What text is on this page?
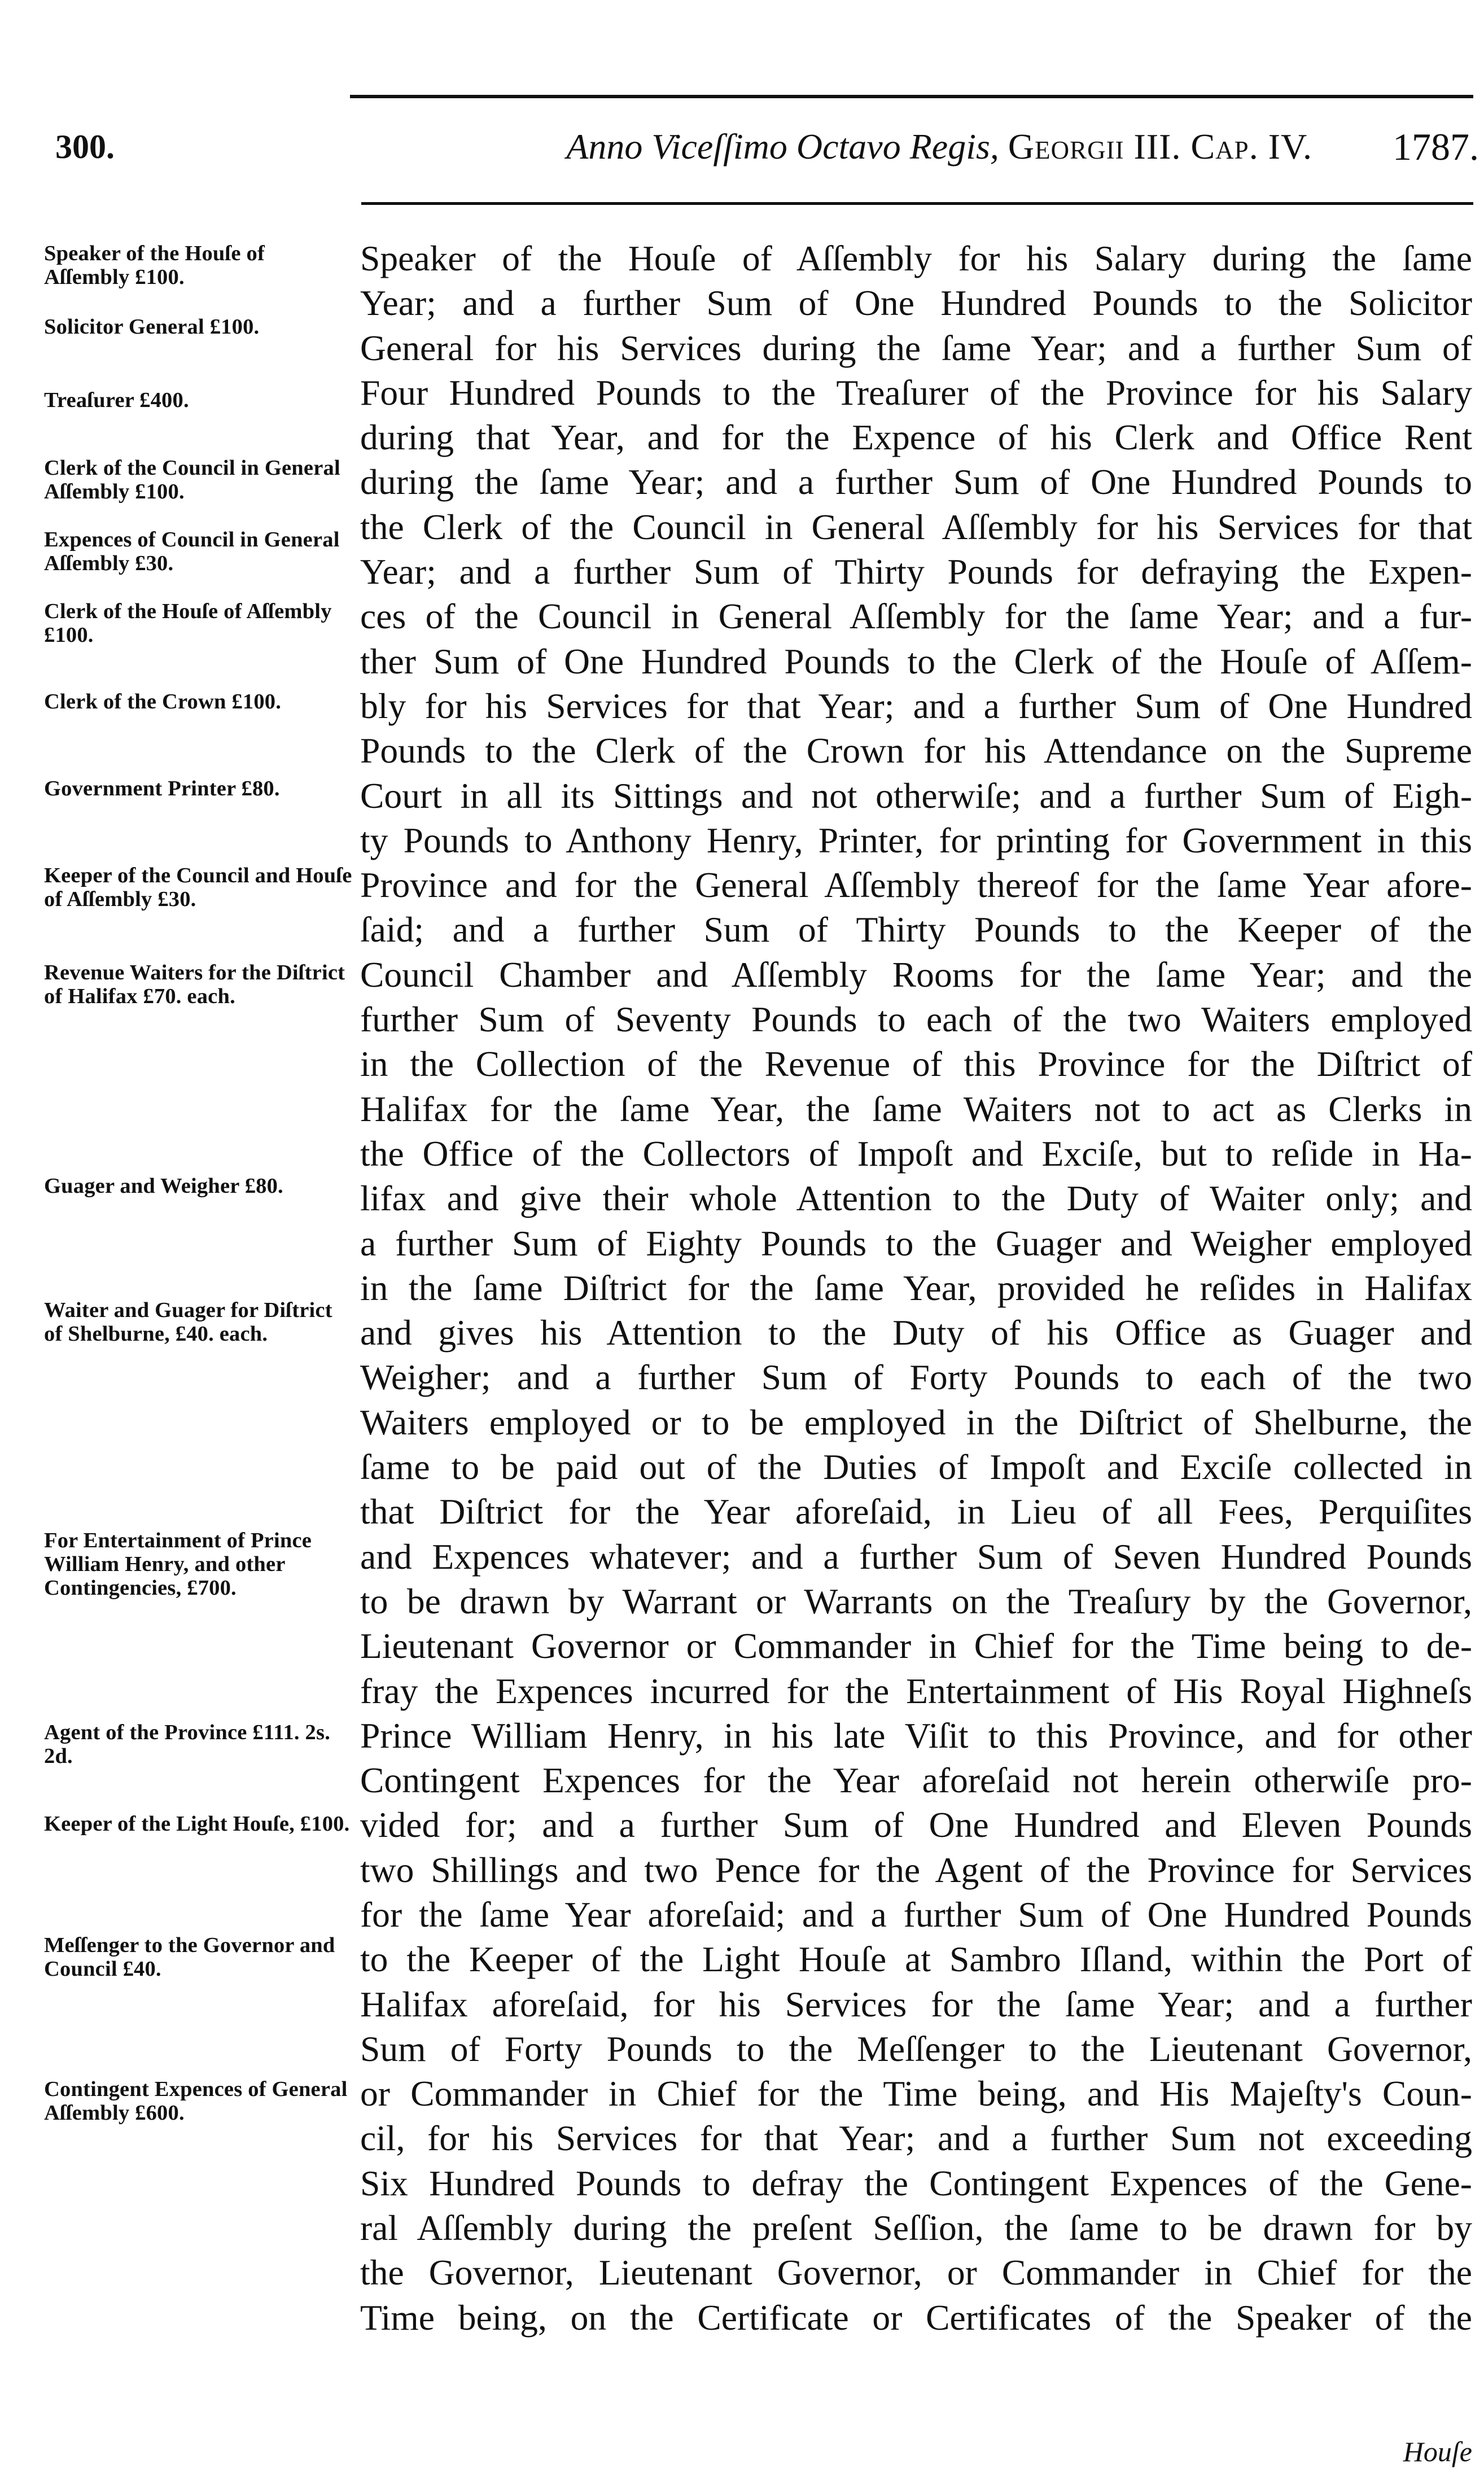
300.	Anno Viceſſimo Octavo Regis, Georgii III. Cap. IV.	1787.
Speaker of the Houſe of Aſſembly £100.
Solicitor General £100.
Treaſurer £400.
Clerk of the Council in General Aſſembly £100.
Expences of Council in General Aſſembly £30.
Clerk of the Houſe of Aſſembly £100.
Clerk of the Crown £100.
Government Printer £80.
Keeper of the Council and Houſe of Aſſembly £30.
Revenue Waiters for the Diſtrict of Halifax £70. each.
Guager and Weigher £80.
Waiter and Guager for Diſtrict of Shelburne, £40. each.
For Entertainment of Prince William Henry, and other Contingencies, £700.
Agent of the Province £111. 2s. 2d.
Keeper of the Light Houſe, £100.
Meſſenger to the Governor and Council £40.
Contingent Expences of General Aſſembly £600.
Speaker of the Houſe of Aſſembly for his Salary during the ſame
Year; and a further Sum of One Hundred Pounds to the Solicitor
General for his Services during the ſame Year; and a further Sum of
Four Hundred Pounds to the Treaſurer of the Province for his Salary
during that Year, and for the Expence of his Clerk and Office Rent
during the ſame Year; and a further Sum of One Hundred Pounds to
the Clerk of the Council in General Aſſembly for his Services for that
Year; and a further Sum of Thirty Pounds for defraying the Expen-
ces of the Council in General Aſſembly for the ſame Year; and a fur-
ther Sum of One Hundred Pounds to the Clerk of the Houſe of Aſſem-
bly for his Services for that Year; and a further Sum of One Hundred
Pounds to the Clerk of the Crown for his Attendance on the Supreme
Court in all its Sittings and not otherwiſe; and a further Sum of Eigh-
ty Pounds to Anthony Henry, Printer, for printing for Government in this
Province and for the General Aſſembly thereof for the ſame Year afore-
ſaid; and a further Sum of Thirty Pounds to the Keeper of the
Council Chamber and Aſſembly Rooms for the ſame Year; and the
further Sum of Seventy Pounds to each of the two Waiters employed
in the Collection of the Revenue of this Province for the Diſtrict of
Halifax for the ſame Year, the ſame Waiters not to act as Clerks in
the Office of the Collectors of Impoſt and Exciſe, but to reſide in Ha-
lifax and give their whole Attention to the Duty of Waiter only; and
a further Sum of Eighty Pounds to the Guager and Weigher employed
in the ſame Diſtrict for the ſame Year, provided he reſides in Halifax
and gives his Attention to the Duty of his Office as Guager and
Weigher; and a further Sum of Forty Pounds to each of the two
Waiters employed or to be employed in the Diſtrict of Shelburne, the
ſame to be paid out of the Duties of Impoſt and Exciſe collected in
that Diſtrict for the Year aforeſaid, in Lieu of all Fees, Perquiſites
and Expences whatever; and a further Sum of Seven Hundred Pounds
to be drawn by Warrant or Warrants on the Treaſury by the Governor,
Lieutenant Governor or Commander in Chief for the Time being to de-
fray the Expences incurred for the Entertainment of His Royal Highneſs
Prince William Henry, in his late Viſit to this Province, and for other
Contingent Expences for the Year aforeſaid not herein otherwiſe pro-
vided for; and a further Sum of One Hundred and Eleven Pounds
two Shillings and two Pence for the Agent of the Province for Services
for the ſame Year aforeſaid; and a further Sum of One Hundred Pounds
to the Keeper of the Light Houſe at Sambro Iſland, within the Port of
Halifax aforeſaid, for his Services for the ſame Year; and a further
Sum of Forty Pounds to the Meſſenger to the Lieutenant Governor,
or Commander in Chief for the Time being, and His Majeſty's Coun-
cil, for his Services for that Year; and a further Sum not exceeding
Six Hundred Pounds to defray the Contingent Expences of the Gene-
ral Aſſembly during the preſent Seſſion, the ſame to be drawn for by
the Governor, Lieutenant Governor, or Commander in Chief for the
Time being, on the Certificate or Certificates of the Speaker of the
Houſe
